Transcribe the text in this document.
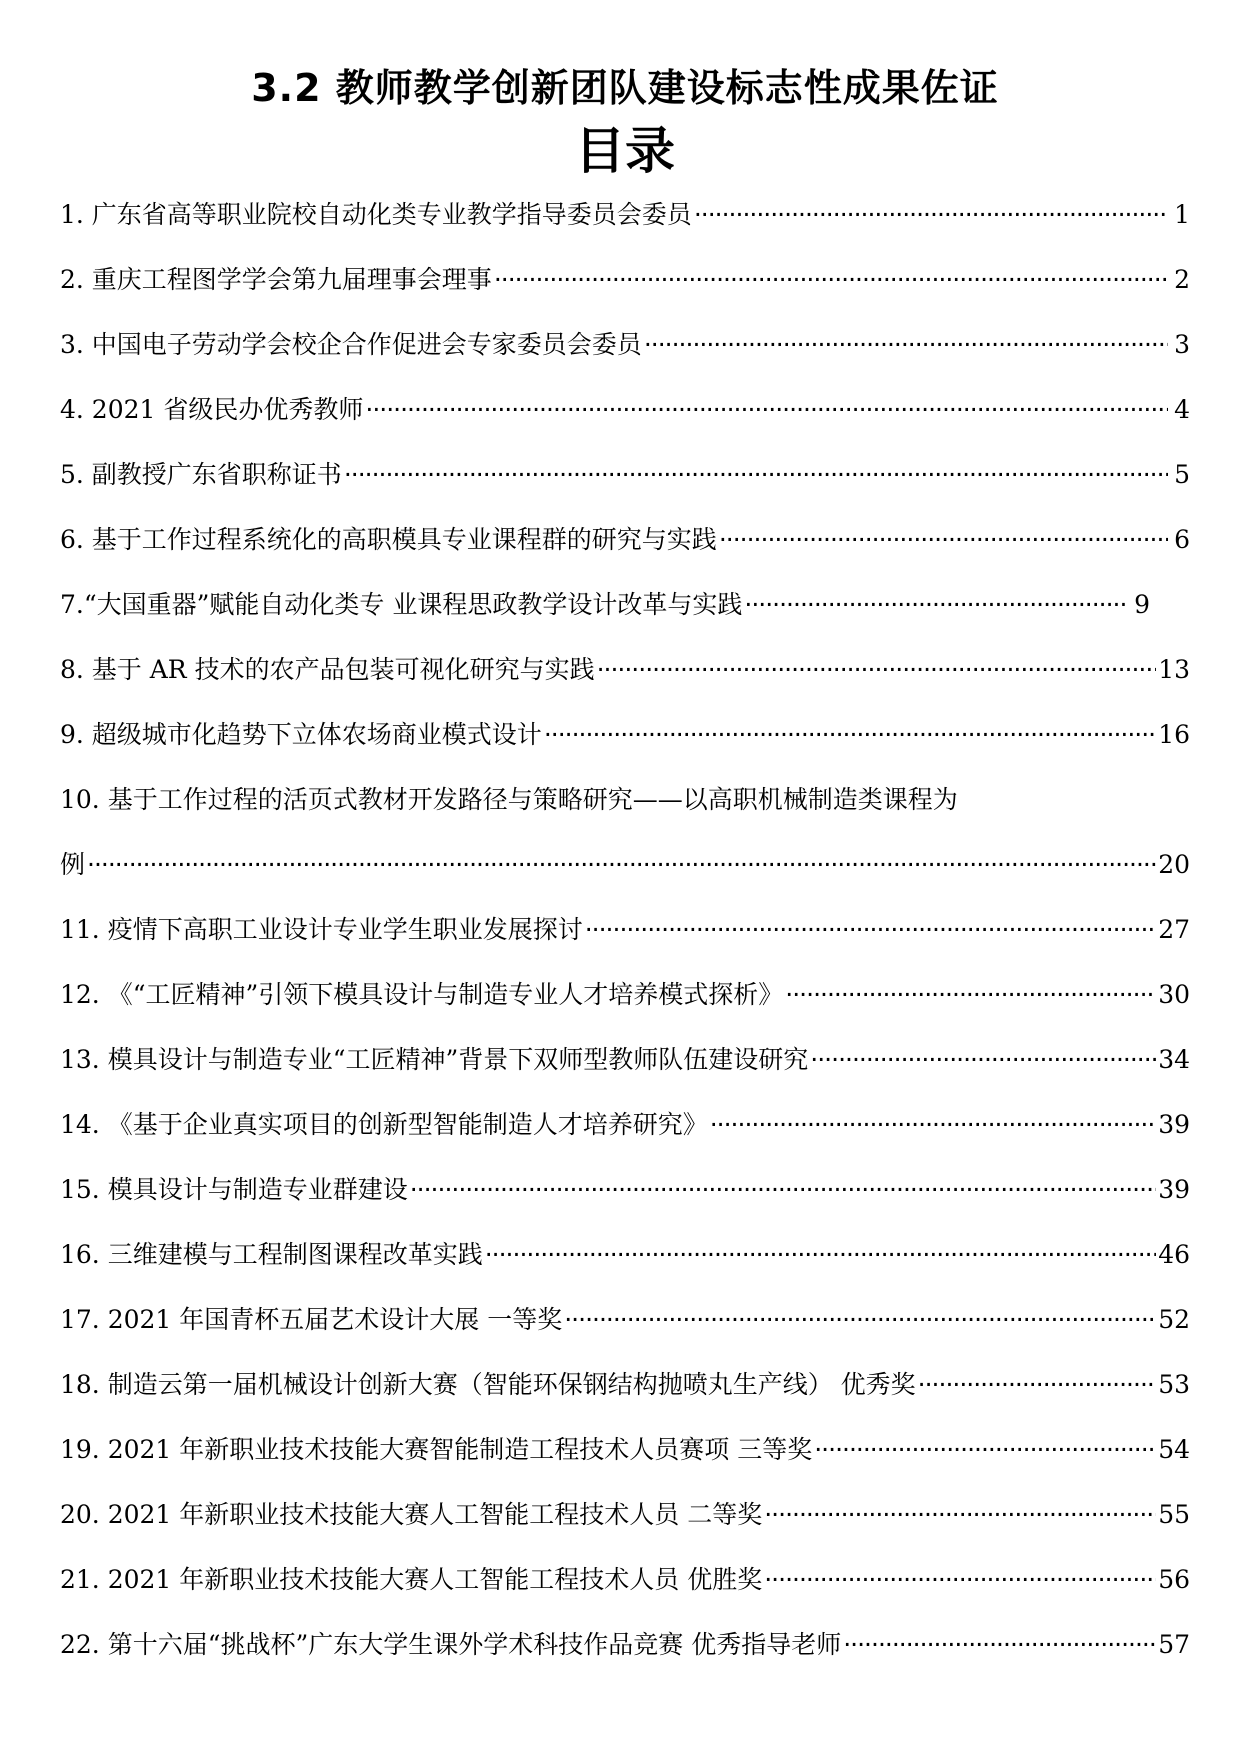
3.2 教师教学创新团队建设标志性成果佐证
目录
1. 广东省高等职业院校自动化类专业教学指导委员会委员 ·····	1
2. 重庆工程图学学会第九届理事会理事 ·····	2
3. 中国电子劳动学会校企合作促进会专家委员会委员 ·····	3
4. 2021 省级民办优秀教师 ·····	4
5. 副教授广东省职称证书 ·····	5
6. 基于工作过程系统化的高职模具专业课程群的研究与实践 ·····	6
7.“大国重器”赋能自动化类专 业课程思政教学设计改革与实践 ·····	9
8. 基于 AR 技术的农产品包装可视化研究与实践 ·····	13
9. 超级城市化趋势下立体农场商业模式设计 ·····	16
10. 基于工作过程的活页式教材开发路径与策略研究——以高职机械制造类课程为
例 ·····	20
11. 疫情下高职工业设计专业学生职业发展探讨 ·····	27
12. 《“工匠精神”引领下模具设计与制造专业人才培养模式探析》 ·····	30
13. 模具设计与制造专业“工匠精神”背景下双师型教师队伍建设研究 ·····	34
14. 《基于企业真实项目的创新型智能制造人才培养研究》 ·····	39
15. 模具设计与制造专业群建设 ·····	39
16. 三维建模与工程制图课程改革实践 ·····	46
17. 2021 年国青杯五届艺术设计大展 一等奖 ·····	52
18. 制造云第一届机械设计创新大赛（智能环保钢结构抛喷丸生产线） 优秀奖 ·····	53
19. 2021 年新职业技术技能大赛智能制造工程技术人员赛项 三等奖 ·····	54
20. 2021 年新职业技术技能大赛人工智能工程技术人员 二等奖 ·····	55
21. 2021 年新职业技术技能大赛人工智能工程技术人员 优胜奖 ·····	56
22. 第十六届“挑战杯”广东大学生课外学术科技作品竞赛 优秀指导老师 ·····	57
